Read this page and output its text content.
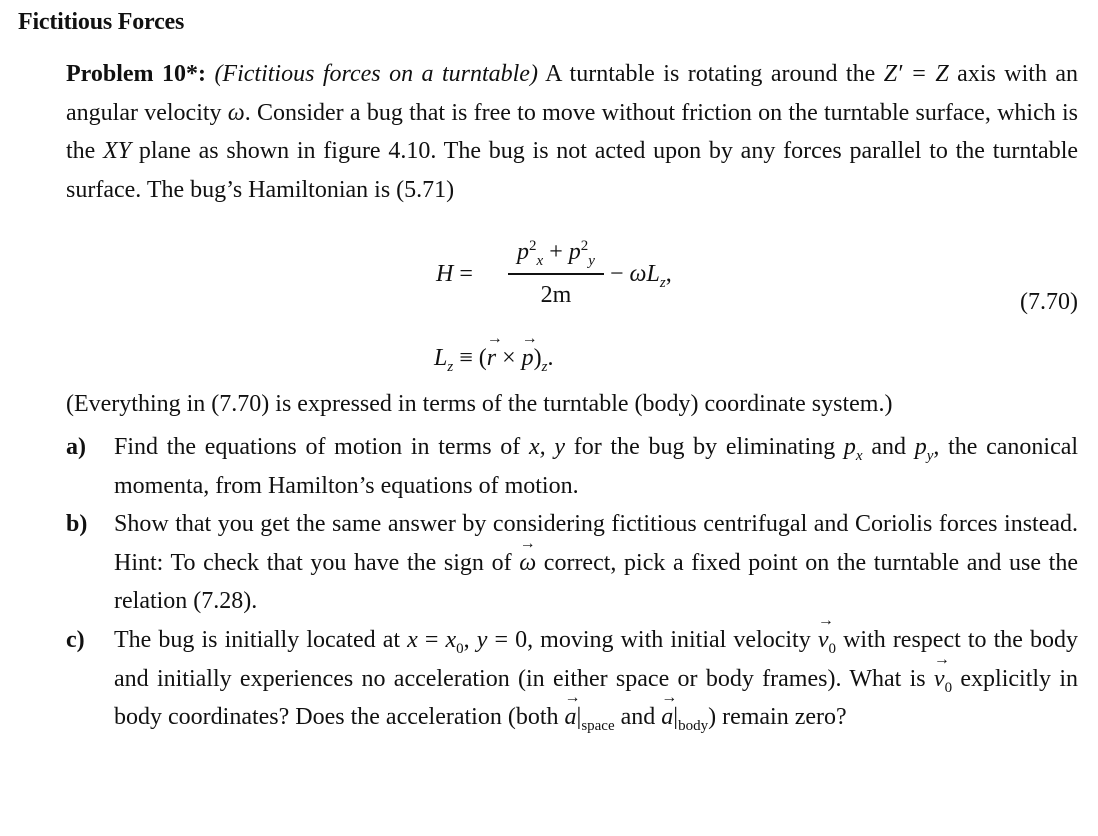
Fictitious Forces

Problem 10*: (Fictitious forces on a turntable) A turntable is rotating around the Z′ = Z axis with an angular velocity ω. Consider a bug that is free to move without friction on the turntable surface, which is the XY plane as shown in figure 4.10. The bug is not acted upon by any forces parallel to the turntable surface. The bug’s Hamiltonian is (5.71)

H =
$p^2_x + p^2_y$
2m
− $\omega L_z$,
$L_z \equiv (r$ → × $p \to)_z$.
(7.70)

(Everything in (7.70) is expressed in terms of the turntable (body) coordinate system.)

a) Find the equations of motion in terms of x, y for the bug by eliminating $p_x$ and $p_y$, the canonical momenta, from Hamilton’s equations of motion.
b) Show that you get the same answer by considering fictitious centrifugal and Coriolis forces instead. Hint: To check that you have the sign of ω → correct, pick a fixed point on the turntable and use the relation (7.28).
c) The bug is initially located at $x = x_0$, y = 0, moving with initial velocity $v \to_0$ with respect to the body and initially experiences no acceleration (in either space or body frames). What is $v \to_0$ explicitly in body coordinates? Does the acceleration (both $a \to|_{space}$ and $a \to|_{body}$) remain zero?
